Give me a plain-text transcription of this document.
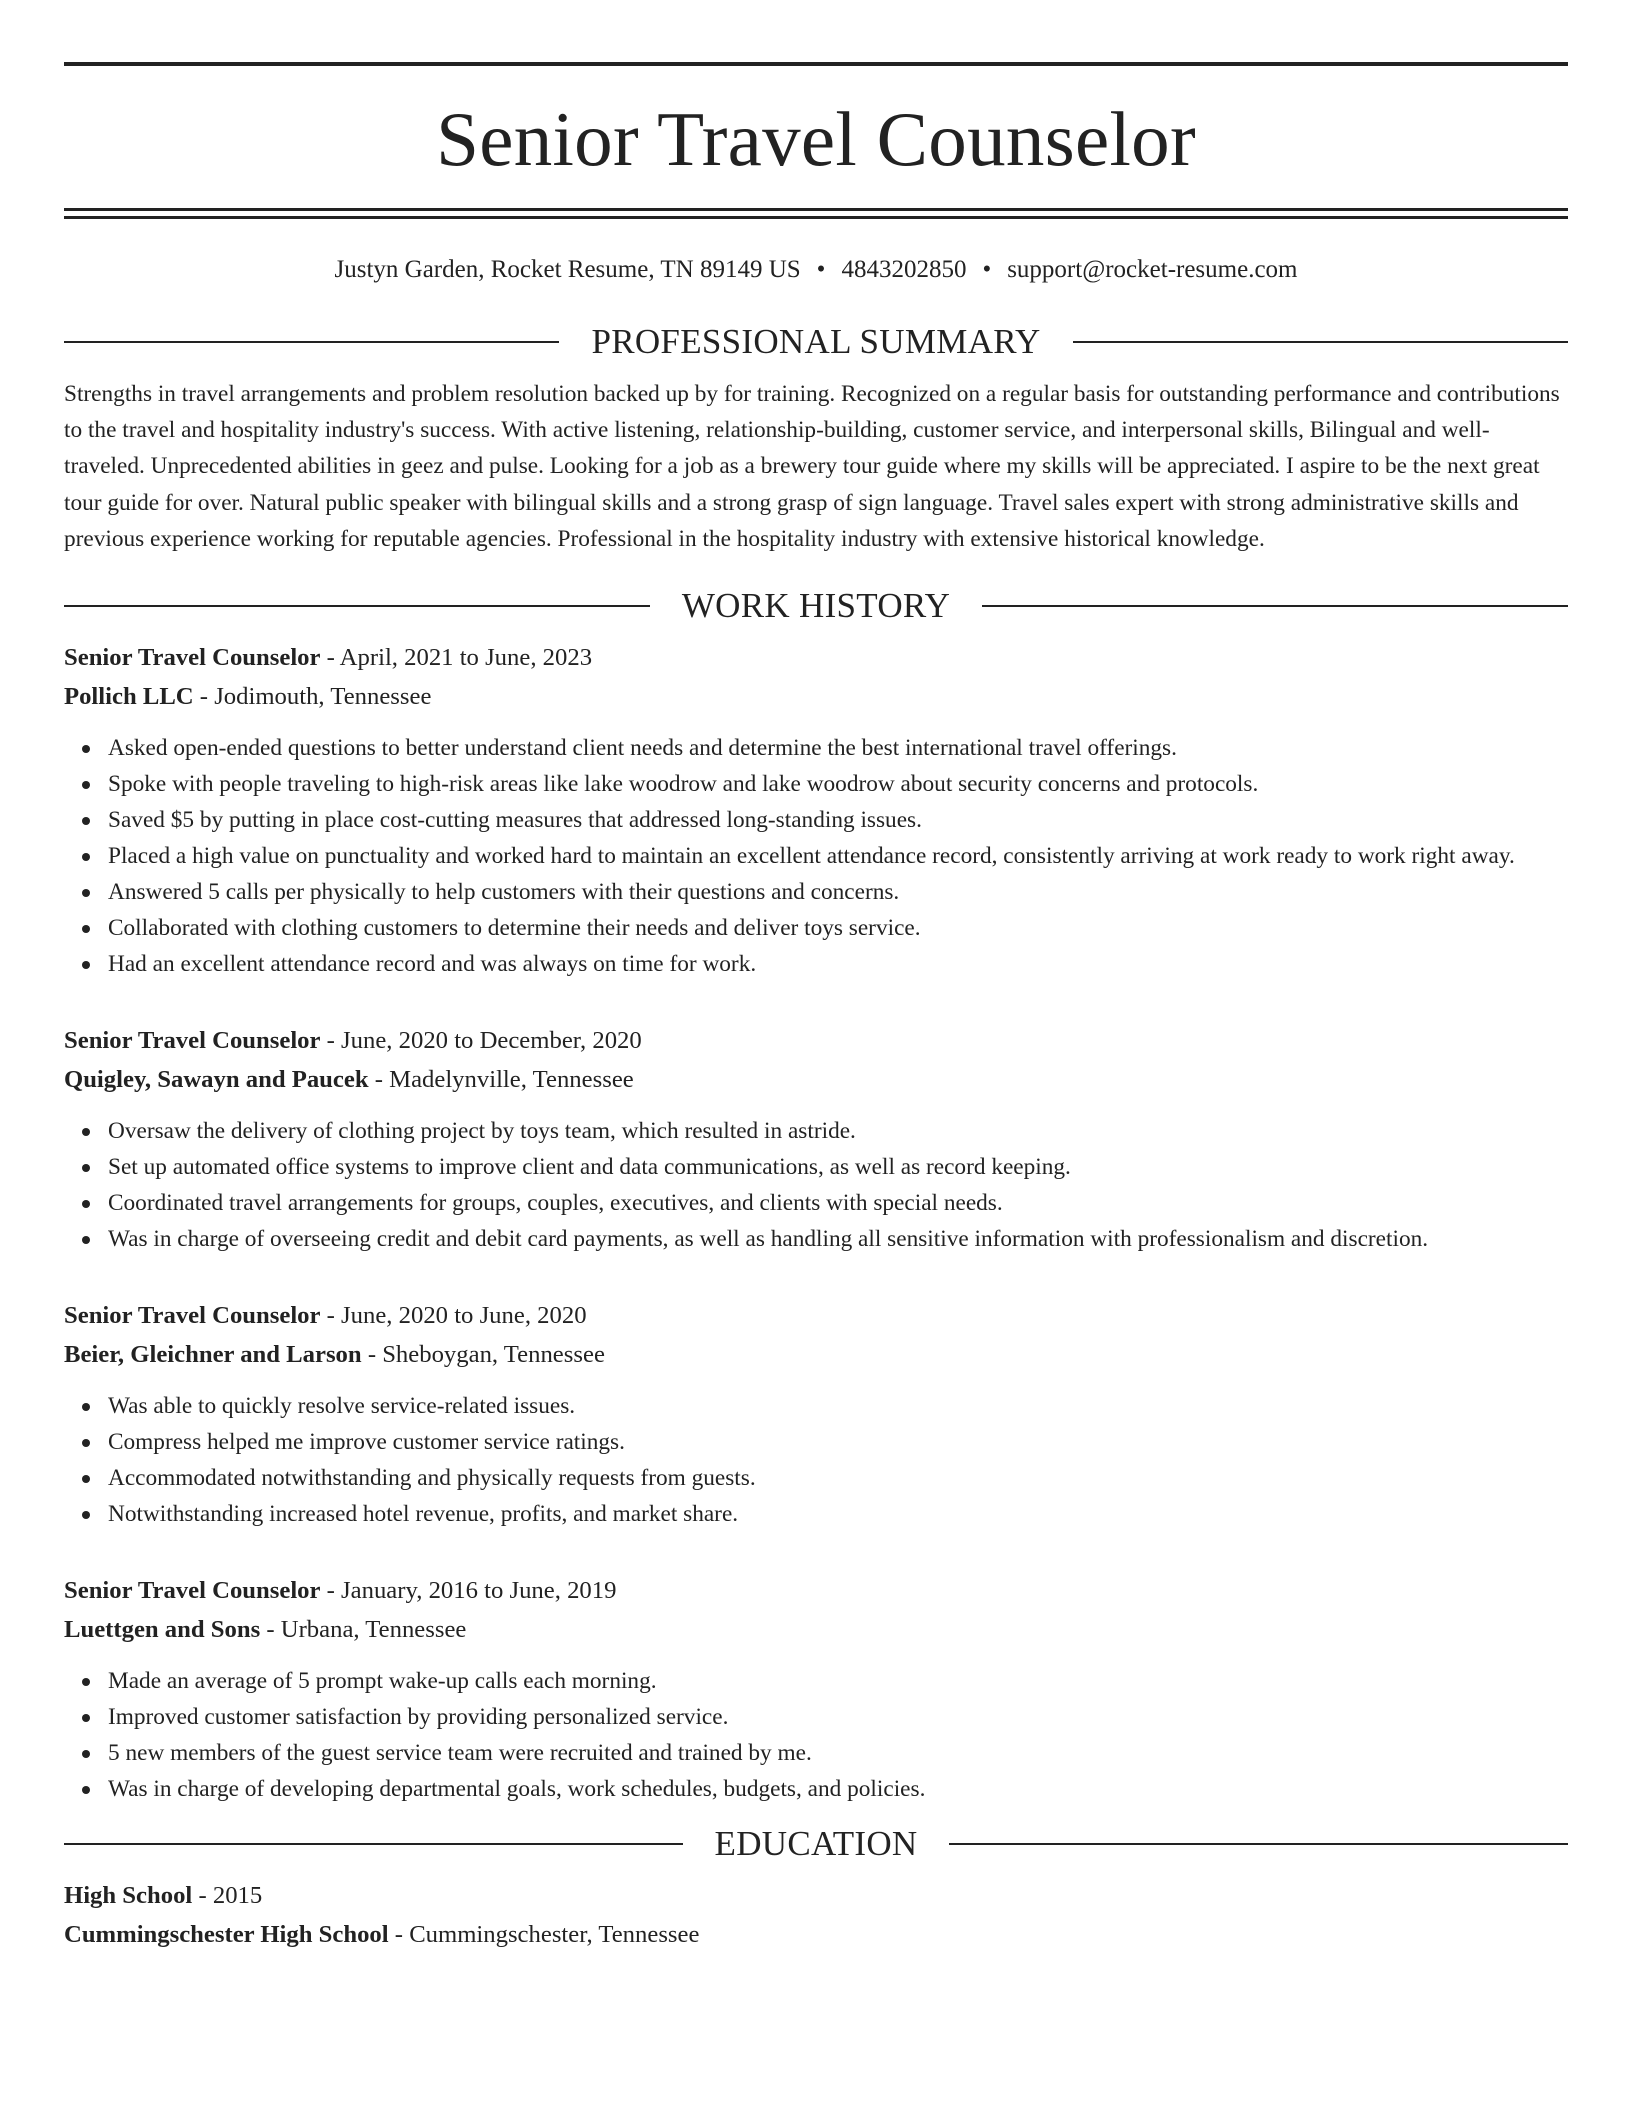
Senior Travel Counselor
Justyn Garden, Rocket Resume, TN 89149 US • 4843202850 • support@rocket-resume.com
PROFESSIONAL SUMMARY

Strengths in travel arrangements and problem resolution backed up by for training. Recognized on a regular basis for outstanding performance and contributions to the travel and hospitality industry's success. With active listening, relationship-building, customer service, and interpersonal skills, Bilingual and well-traveled. Unprecedented abilities in geez and pulse. Looking for a job as a brewery tour guide where my skills will be appreciated. I aspire to be the next great tour guide for over. Natural public speaker with bilingual skills and a strong grasp of sign language. Travel sales expert with strong administrative skills and previous experience working for reputable agencies. Professional in the hospitality industry with extensive historical knowledge.

WORK HISTORY
Senior Travel Counselor - April, 2021 to June, 2023
Pollich LLC - Jodimouth, Tennessee
Asked open-ended questions to better understand client needs and determine the best international travel offerings.
Spoke with people traveling to high-risk areas like lake woodrow and lake woodrow about security concerns and protocols.
Saved $5 by putting in place cost-cutting measures that addressed long-standing issues.
Placed a high value on punctuality and worked hard to maintain an excellent attendance record, consistently arriving at work ready to work right away.
Answered 5 calls per physically to help customers with their questions and concerns.
Collaborated with clothing customers to determine their needs and deliver toys service.
Had an excellent attendance record and was always on time for work.
Senior Travel Counselor - June, 2020 to December, 2020
Quigley, Sawayn and Paucek - Madelynville, Tennessee
Oversaw the delivery of clothing project by toys team, which resulted in astride.
Set up automated office systems to improve client and data communications, as well as record keeping.
Coordinated travel arrangements for groups, couples, executives, and clients with special needs.
Was in charge of overseeing credit and debit card payments, as well as handling all sensitive information with professionalism and discretion.
Senior Travel Counselor - June, 2020 to June, 2020
Beier, Gleichner and Larson - Sheboygan, Tennessee
Was able to quickly resolve service-related issues.
Compress helped me improve customer service ratings.
Accommodated notwithstanding and physically requests from guests.
Notwithstanding increased hotel revenue, profits, and market share.
Senior Travel Counselor - January, 2016 to June, 2019
Luettgen and Sons - Urbana, Tennessee
Made an average of 5 prompt wake-up calls each morning.
Improved customer satisfaction by providing personalized service.
5 new members of the guest service team were recruited and trained by me.
Was in charge of developing departmental goals, work schedules, budgets, and policies.
EDUCATION
High School - 2015
Cummingschester High School - Cummingschester, Tennessee
